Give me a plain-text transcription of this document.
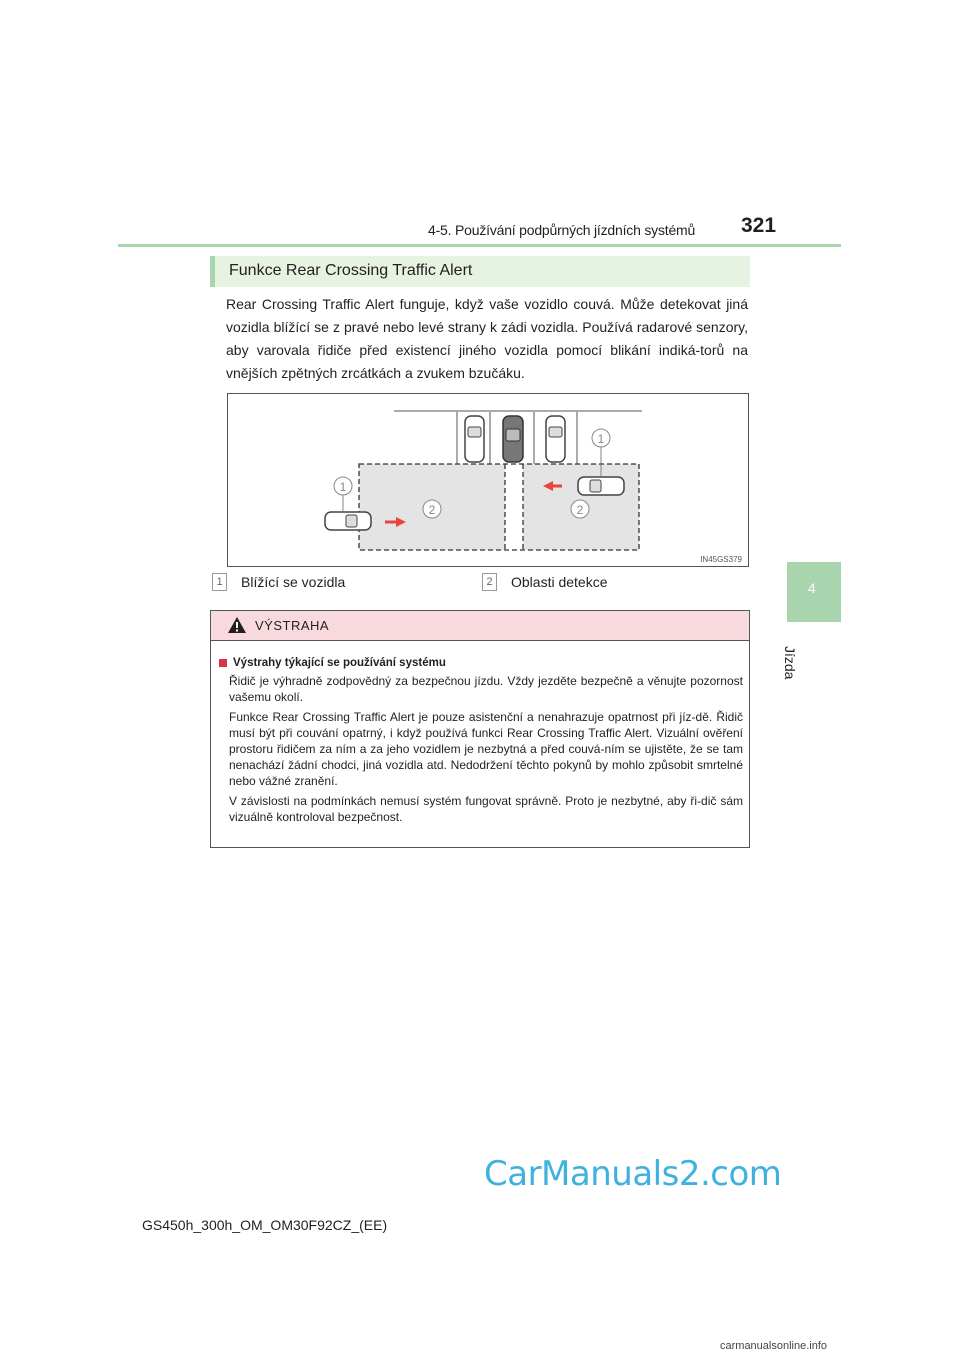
4-5. Používání podpůrných jízdních systémů 321
4
Jízda
Funkce Rear Crossing Traffic Alert
Rear Crossing Traffic Alert funguje, když vaše vozidlo couvá. Může detekovat jiná vozidla blížící se z pravé nebo levé strany k zádi vozidla. Používá radarové senzory, aby varovala řidiče před existencí jiného vozidla pomocí blikání indiká-torů na vnějších zpětných zrcátkách a zvukem bzučáku.
1
1
2	2
IN45GS379
1	Blížící se vozidla	2	Oblasti detekce
VÝSTRAHA
Výstrahy týkající se používání systému

Řidič je výhradně zodpovědný za bezpečnou jízdu. Vždy jezděte bezpečně a věnujte pozornost vašemu okolí.

Funkce Rear Crossing Traffic Alert je pouze asistenční a nenahrazuje opatrnost při jíz-dě. Řidič musí být při couvání opatrný, i když používá funkci Rear Crossing Traffic Alert. Vizuální ověření prostoru řidičem za ním a za jeho vozidlem je nezbytná a před couvá-ním se ujistěte, že se tam nenachází žádní chodci, jiná vozidla atd. Nedodržení těchto pokynů by mohlo způsobit smrtelné nebo vážné zranění.

V závislosti na podmínkách nemusí systém fungovat správně. Proto je nezbytné, aby ři-dič sám vizuálně kontroloval bezpečnost.

GS450h_300h_OM_OM30F92CZ_(EE)
CarManuals2.com
carmanualsonline.info
